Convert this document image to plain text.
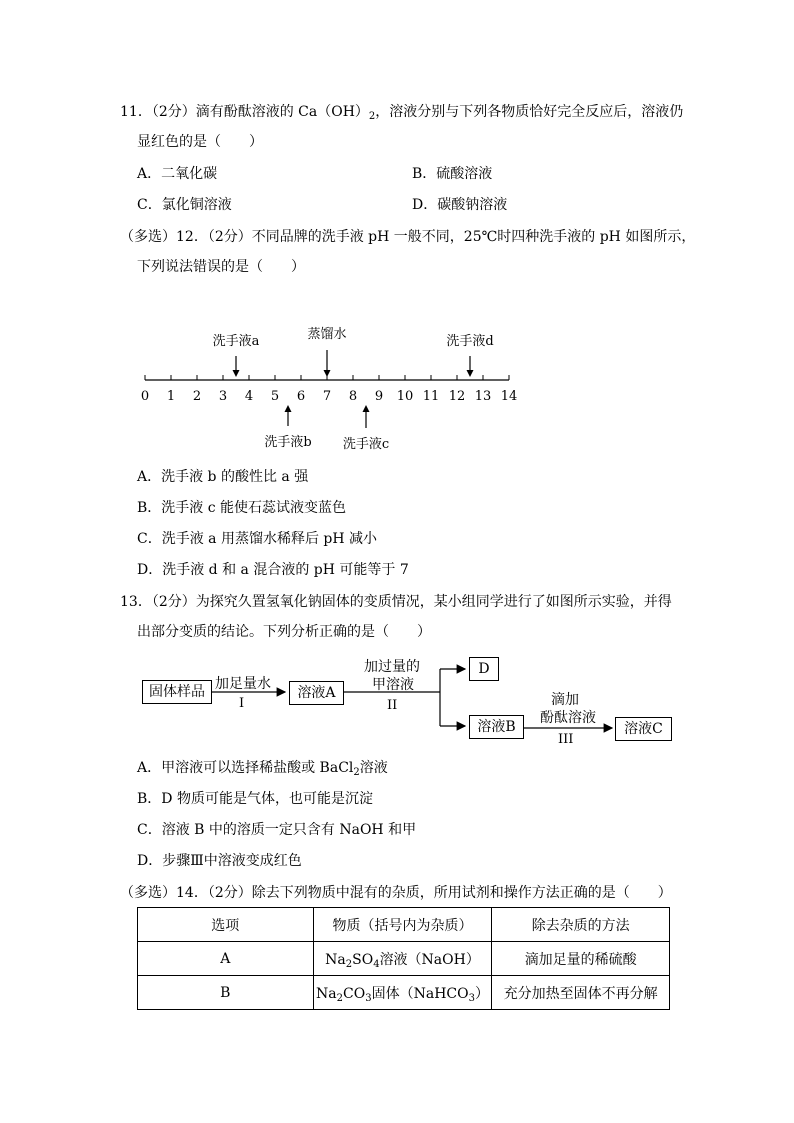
11．（2分）滴有酚酞溶液的 $Ca(OH)_2$，溶液分别与下列各物质恰好完全反应后，溶液仍
显红色的是（　　）
A．二氧化碳	B．硫酸溶液
C．氯化铜溶液	D．碳酸钠溶液
（多选）12．（2分）不同品牌的洗手液 pH 一般不同，25℃时四种洗手液的 pH 如图所示，
下列说法错误的是（　　）
0 1 2 3 4 5 6 7 8 9 10 11 12 13 14
洗手液a	蒸馏水	洗手液d
洗手液b 洗手液c
A．洗手液 b 的酸性比 a 强
B．洗手液 c 能使石蕊试液变蓝色
C．洗手液 a 用蒸馏水稀释后 pH 减小
D．洗手液 d 和 a 混合液的 pH 可能等于 7
13．（2分）为探究久置氢氧化钠固体的变质情况，某小组同学进行了如图所示实验，并得
出部分变质的结论。下列分析正确的是（　　）
固体样品 加足量水
I
溶液A
加过量的
甲溶液
II
D
溶液B
滴加
酚酞溶液
III
溶液C
A．甲溶液可以选择稀盐酸或 BaCl$_2$溶液
B．D 物质可能是气体，也可能是沉淀
C．溶液 B 中的溶质一定只含有 NaOH 和甲
D．步骤Ⅲ中溶液变成红色
（多选）14．（2分）除去下列物质中混有的杂质，所用试剂和操作方法正确的是（　　）
选项	物质（括号内为杂质）	除去杂质的方法
A	$Na_2SO_4$溶液（NaOH）	滴加足量的稀硫酸
B	$Na_2CO_3$固体（NaHCO$_3$）	充分加热至固体不再分解
